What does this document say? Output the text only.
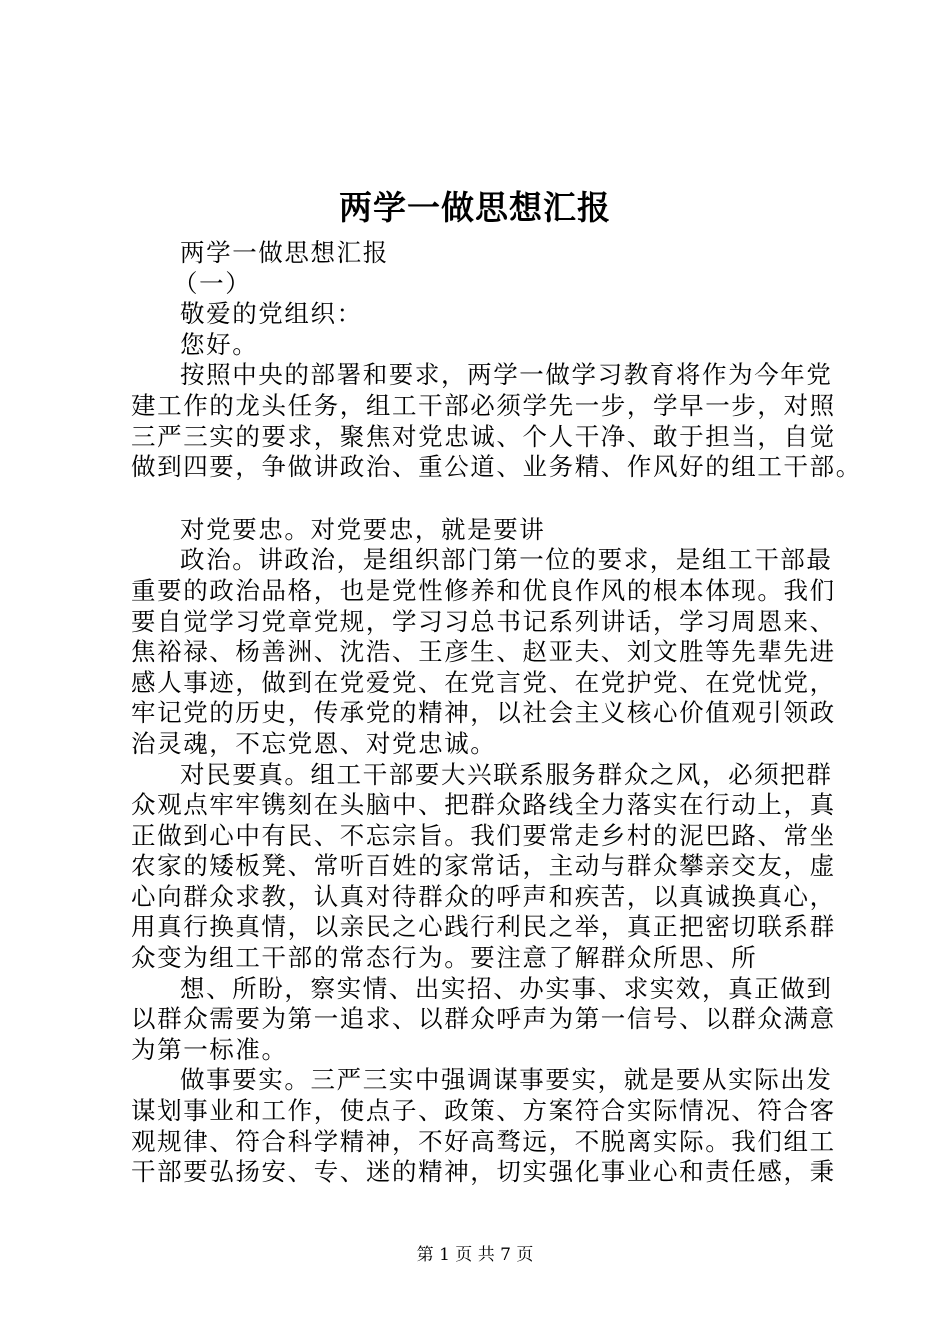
两学一做思想汇报
两学一做思想汇报
（一）
敬爱的党组织：
您好。
按照中央的部署和要求，两学一做学习教育将作为今年党
建工作的龙头任务，组工干部必须学先一步，学早一步，对照
三严三实的要求，聚焦对党忠诚、个人干净、敢于担当，自觉
做到四要，争做讲政治、重公道、业务精、作风好的组工干部。
对党要忠。对党要忠，就是要讲
政治。讲政治，是组织部门第一位的要求，是组工干部最
重要的政治品格，也是党性修养和优良作风的根本体现。我们
要自觉学习党章党规，学习习总书记系列讲话，学习周恩来、
焦裕禄、杨善洲、沈浩、王彦生、赵亚夫、刘文胜等先辈先进
感人事迹，做到在党爱党、在党言党、在党护党、在党忧党，
牢记党的历史，传承党的精神，以社会主义核心价值观引领政
治灵魂，不忘党恩、对党忠诚。
对民要真。组工干部要大兴联系服务群众之风，必须把群
众观点牢牢镌刻在头脑中、把群众路线全力落实在行动上，真
正做到心中有民、不忘宗旨。我们要常走乡村的泥巴路、常坐
农家的矮板凳、常听百姓的家常话，主动与群众攀亲交友，虚
心向群众求教，认真对待群众的呼声和疾苦，以真诚换真心，
用真行换真情，以亲民之心践行利民之举，真正把密切联系群
众变为组工干部的常态行为。要注意了解群众所思、所
想、所盼，察实情、出实招、办实事、求实效，真正做到
以群众需要为第一追求、以群众呼声为第一信号、以群众满意
为第一标准。
做事要实。三严三实中强调谋事要实，就是要从实际出发
谋划事业和工作，使点子、政策、方案符合实际情况、符合客
观规律、符合科学精神，不好高骛远，不脱离实际。我们组工
干部要弘扬安、专、迷的精神，切实强化事业心和责任感，秉
第 1 页 共 7 页
